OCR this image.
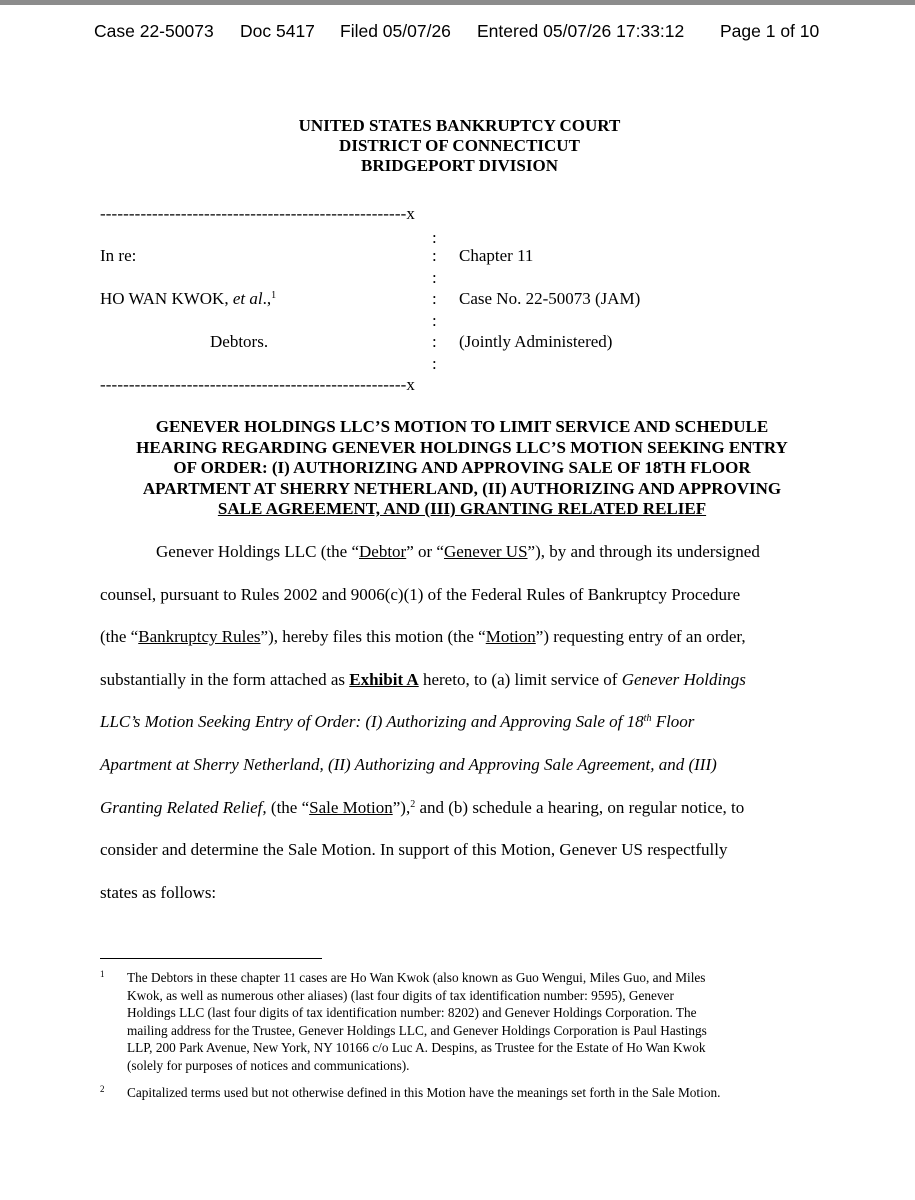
Case 22-50073 Doc 5417 Filed 05/07/26 Entered 05/07/26 17:33:12 Page 1 of 10
UNITED STATES BANKRUPTCY COURT
DISTRICT OF CONNECTICUT
BRIDGEPORT DIVISION
-----------------------------------------------------x
:
In re:	: Chapter 11
:
HO WAN KWOK, et al.,$^1$	: Case No. 22-50073 (JAM)
:
Debtors.	: (Jointly Administered)
:
-----------------------------------------------------x
GENEVER HOLDINGS LLC’S MOTION TO LIMIT SERVICE AND SCHEDULE
HEARING REGARDING GENEVER HOLDINGS LLC’S MOTION SEEKING ENTRY
OF ORDER: (I) AUTHORIZING AND APPROVING SALE OF 18TH FLOOR
APARTMENT AT SHERRY NETHERLAND, (II) AUTHORIZING AND APPROVING
SALE AGREEMENT, AND (III) GRANTING RELATED RELIEF
Genever Holdings LLC (the “Debtor” or “Genever US”), by and through its undersigned
counsel, pursuant to Rules 2002 and 9006(c)(1) of the Federal Rules of Bankruptcy Procedure
(the “Bankruptcy Rules”), hereby files this motion (the “Motion”) requesting entry of an order,
substantially in the form attached as Exhibit A hereto, to (a) limit service of Genever Holdings
LLC’s Motion Seeking Entry of Order: (I) Authorizing and Approving Sale of 18th Floor
Apartment at Sherry Netherland, (II) Authorizing and Approving Sale Agreement, and (III)
Granting Related Relief, (the “Sale Motion”),$^2$ and (b) schedule a hearing, on regular notice, to
consider and determine the Sale Motion. In support of this Motion, Genever US respectfully
states as follows:
1 The Debtors in these chapter 11 cases are Ho Wan Kwok (also known as Guo Wengui, Miles Guo, and Miles
Kwok, as well as numerous other aliases) (last four digits of tax identification number: 9595), Genever
Holdings LLC (last four digits of tax identification number: 8202) and Genever Holdings Corporation. The
mailing address for the Trustee, Genever Holdings LLC, and Genever Holdings Corporation is Paul Hastings
LLP, 200 Park Avenue, New York, NY 10166 c/o Luc A. Despins, as Trustee for the Estate of Ho Wan Kwok
(solely for purposes of notices and communications).
2 Capitalized terms used but not otherwise defined in this Motion have the meanings set forth in the Sale Motion.
